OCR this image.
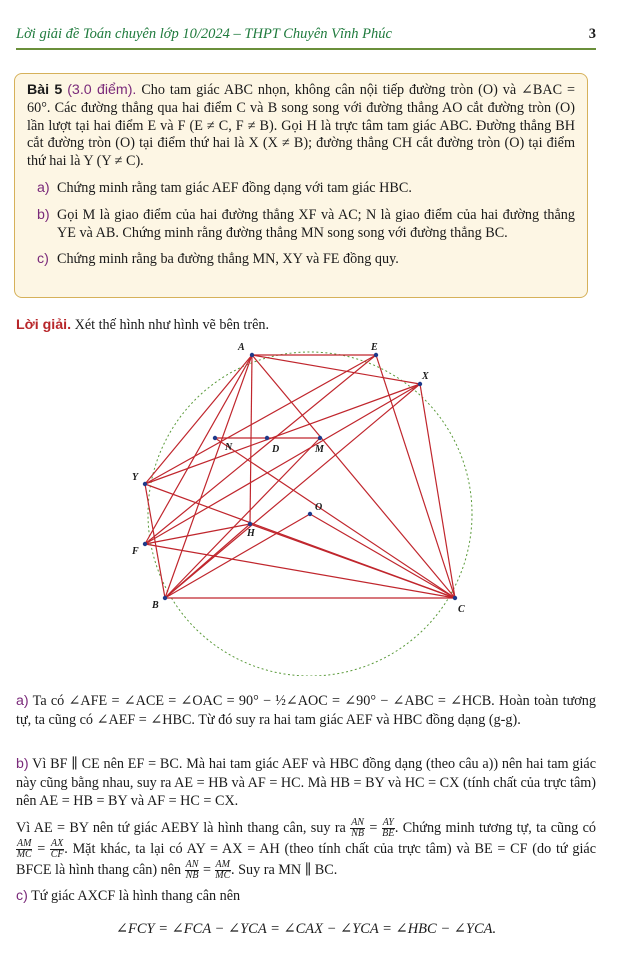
Lời giải đề Toán chuyên lớp 10/2024 – THPT Chuyên Vĩnh Phúc	3

Bài 5 (3.0 điểm). Cho tam giác ABC nhọn, không cân nội tiếp đường tròn (O) và ∠BAC = 60°. Các đường thẳng qua hai điểm C và B song song với đường thẳng AO cắt đường tròn (O) lần lượt tại hai điểm E và F (E ≠ C, F ≠ B). Gọi H là trực tâm tam giác ABC. Đường thẳng BH cắt đường tròn (O) tại điểm thứ hai là X (X ≠ B); đường thẳng CH cắt đường tròn (O) tại điểm thứ hai là Y (Y ≠ C).

a) Chứng minh rằng tam giác AEF đồng dạng với tam giác HBC.
b) Gọi M là giao điểm của hai đường thẳng XF và AC; N là giao điểm của hai đường thẳng YE và AB. Chứng minh rằng đường thẳng MN song song với đường thẳng BC.
c) Chứng minh rằng ba đường thẳng MN, XY và FE đồng quy.
Lời giải. Xét thế hình như hình vẽ bên trên.
A	E
X
N	D	M
Y
O
H
F
B	C
a) Ta có ∠AFE = ∠ACE = ∠OAC = 90° − ½∠AOC = ∠90° − ∠ABC = ∠HCB. Hoàn toàn tương tự, ta cũng có ∠AEF = ∠HBC. Từ đó suy ra hai tam giác AEF và HBC đồng dạng (g-g).
b) Vì BF ∥ CE nên EF = BC. Mà hai tam giác AEF và HBC đồng dạng (theo câu a)) nên hai tam giác này cũng bằng nhau, suy ra AE = HB và AF = HC. Mà HB = BY và HC = CX (tính chất của trực tâm) nên AE = HB = BY và AF = HC = CX.
Vì AE = BY nên tứ giác AEBY là hình thang cân, suy ra $\frac{AN}{NB} = \frac{AY}{BE}$ . Chứng minh tương tự, ta cũng có
$\frac{AM}{MC} = \frac{AX}{CF}$ . Mặt khác, ta lại có AY = AX = AH (theo tính chất của trực tâm) và BE = CF (do tứ giác BFCE là hình thang cân) nên $\frac{AN}{NB} = \frac{AM}{MC}$ . Suy ra MN ∥ BC.
c) Tứ giác AXCF là hình thang cân nên
∠FCY = ∠FCA − ∠YCA = ∠CAX − ∠YCA = ∠HBC − ∠YCA.
